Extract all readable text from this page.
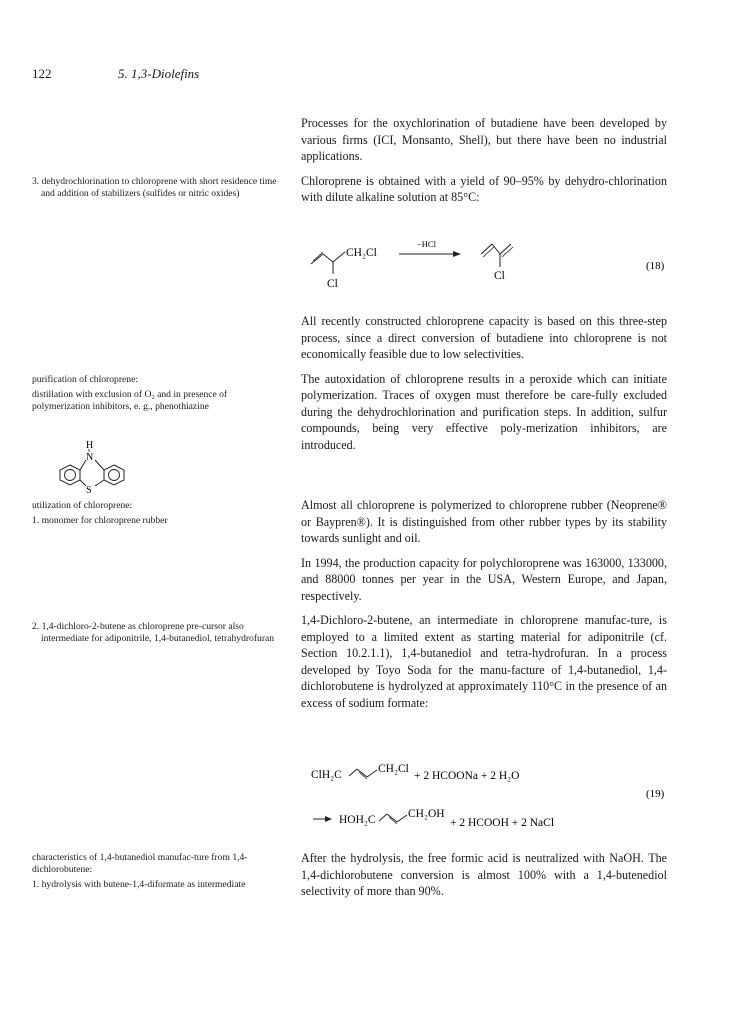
122	5. 1,3-Diolefins

3. dehydrochlorination to chloroprene with short residence time and addition of stabilizers (sulfides or nitric oxides)

purification of chloroprene:

distillation with exclusion of O₂ and in presence of polymerization inhibitors, e. g., phenothiazine

H
N
S

utilization of chloroprene:

1. monomer for chloroprene rubber

2. 1,4-dichloro-2-butene as chloroprene pre-cursor also intermediate for adiponitrile, 1,4-butanediol, tetrahydrofuran

characteristics of 1,4-butanediol manufac-ture from 1,4-dichlorobutene:

1. hydrolysis with butene-1,4-diformate as intermediate

Processes for the oxychlorination of butadiene have been developed by various firms (ICI, Monsanto, Shell), but there have been no industrial applications.

Chloroprene is obtained with a yield of 90–95% by dehydro-chlorination with dilute alkaline solution at 85°C:

CH₂Cl
Cl
−HCl
Cl
(18)

All recently constructed chloroprene capacity is based on this three-step process, since a direct conversion of butadiene into chloroprene is not economically feasible due to low selectivities.

The autoxidation of chloroprene results in a peroxide which can initiate polymerization. Traces of oxygen must therefore be care-fully excluded during the dehydrochlorination and purification steps. In addition, sulfur compounds, being very effective poly-merization inhibitors, are introduced.

Almost all chloroprene is polymerized to chloroprene rubber (Neoprene® or Baypren®). It is distinguished from other rubber types by its stability towards sunlight and oil.

In 1994, the production capacity for polychloroprene was 163000, 133000, and 88000 tonnes per year in the USA, Western Europe, and Japan, respectively.

1,4-Dichloro-2-butene, an intermediate in chloroprene manufac-ture, is employed to a limited extent as starting material for adiponitrile (cf. Section 10.2.1.1), 1,4-butanediol and tetra-hydrofuran. In a process developed by Toyo Soda for the manu-facture of 1,4-butanediol, 1,4-dichlorobutene is hydrolyzed at approximately 110°C in the presence of an excess of sodium formate:

ClH₂C	CH₂Cl
+ 2 HCOONa + 2 H₂O
(19)
HOH₂C	CH₂OH
+ 2 HCOOH + 2 NaCl

After the hydrolysis, the free formic acid is neutralized with NaOH. The 1,4-dichlorobutene conversion is almost 100% with a 1,4-butenediol selectivity of more than 90%.
